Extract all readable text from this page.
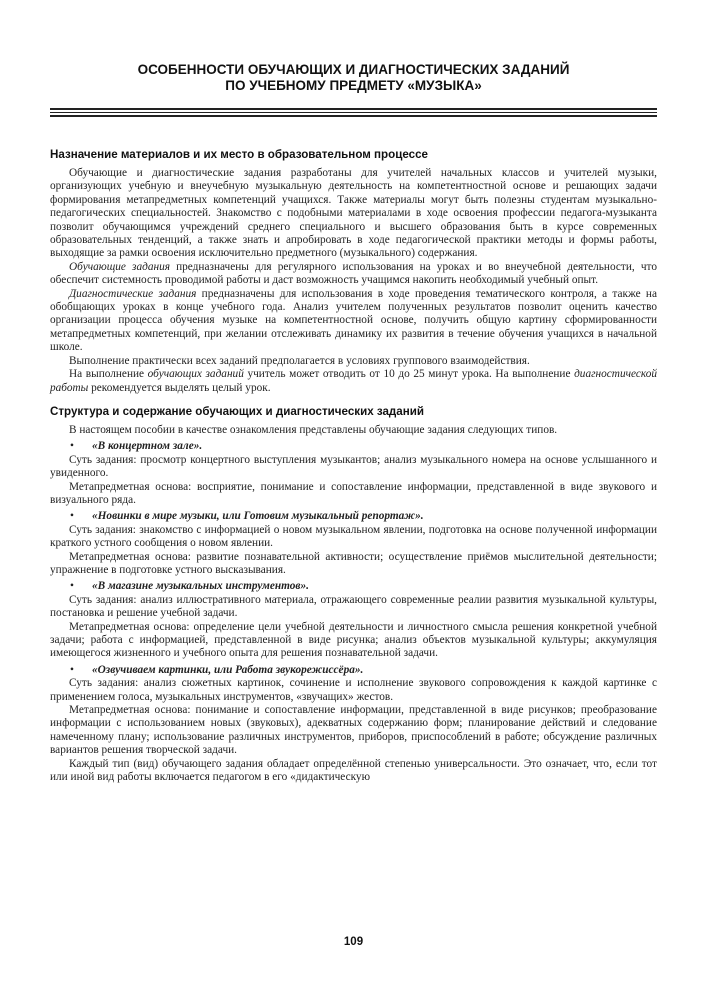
ОСОБЕННОСТИ ОБУЧАЮЩИХ И ДИАГНОСТИЧЕСКИХ ЗАДАНИЙ
ПО УЧЕБНОМУ ПРЕДМЕТУ «МУЗЫКА»
Назначение материалов и их место в образовательном процессе

Обучающие и диагностические задания разработаны для учителей начальных классов и учителей музыки, организующих учебную и внеучебную музыкальную деятельность на компетентностной основе и решающих задачи формирования метапредметных компетенций учащихся. Также материалы могут быть полезны студентам музыкально-педагогических специальностей. Знакомство с подобными материалами в ходе освоения профессии педагога-музыканта позволит обучающимся учреждений среднего специального и высшего образования быть в курсе современных образовательных тенденций, а также знать и апробировать в ходе педагогической практики методы и формы работы, выходящие за рамки освоения исключительно предметного (музыкального) содержания.

Обучающие задания предназначены для регулярного использования на уроках и во внеучебной деятельности, что обеспечит системность проводимой работы и даст возможность учащимся накопить необходимый учебный опыт.

Диагностические задания предназначены для использования в ходе проведения тематического контроля, а также на обобщающих уроках в конце учебного года. Анализ учителем полученных результатов позволит оценить качество организации процесса обучения музыке на компетентностной основе, получить общую картину сформированности метапредметных компетенций, при желании отслеживать динамику их развития в течение обучения учащихся в начальной школе.

Выполнение практически всех заданий предполагается в условиях группового взаимодействия.

На выполнение обучающих заданий учитель может отводить от 10 до 25 минут урока. На выполнение диагностической работы рекомендуется выделять целый урок.

Структура и содержание обучающих и диагностических заданий

В настоящем пособии в качестве ознакомления представлены обучающие задания следующих типов.

• «В концертном зале».

Суть задания: просмотр концертного выступления музыкантов; анализ музыкального номера на основе услышанного и увиденного.

Метапредметная основа: восприятие, понимание и сопоставление информации, представленной в виде звукового и визуального ряда.

• «Новинки в мире музыки, или Готовим музыкальный репортаж».

Суть задания: знакомство с информацией о новом музыкальном явлении, подготовка на основе полученной информации краткого устного сообщения о новом явлении.

Метапредметная основа: развитие познавательной активности; осуществление приёмов мыслительной деятельности; упражнение в подготовке устного высказывания.

• «В магазине музыкальных инструментов».

Суть задания: анализ иллюстративного материала, отражающего современные реалии развития музыкальной культуры, постановка и решение учебной задачи.

Метапредметная основа: определение цели учебной деятельности и личностного смысла решения конкретной учебной задачи; работа с информацией, представленной в виде рисунка; анализ объектов музыкальной культуры; аккумуляция имеющегося жизненного и учебного опыта для решения познавательной задачи.

• «Озвучиваем картинки, или Работа звукорежиссёра».

Суть задания: анализ сюжетных картинок, сочинение и исполнение звукового сопровождения к каждой картинке с применением голоса, музыкальных инструментов, «звучащих» жестов.

Метапредметная основа: понимание и сопоставление информации, представленной в виде рисунков; преобразование информации с использованием новых (звуковых), адекватных содержанию форм; планирование действий и следование намеченному плану; использование различных инструментов, приборов, приспособлений в работе; обсуждение различных вариантов решения творческой задачи.

Каждый тип (вид) обучающего задания обладает определённой степенью универсальности. Это означает, что, если тот или иной вид работы включается педагогом в его «дидактическую

109
